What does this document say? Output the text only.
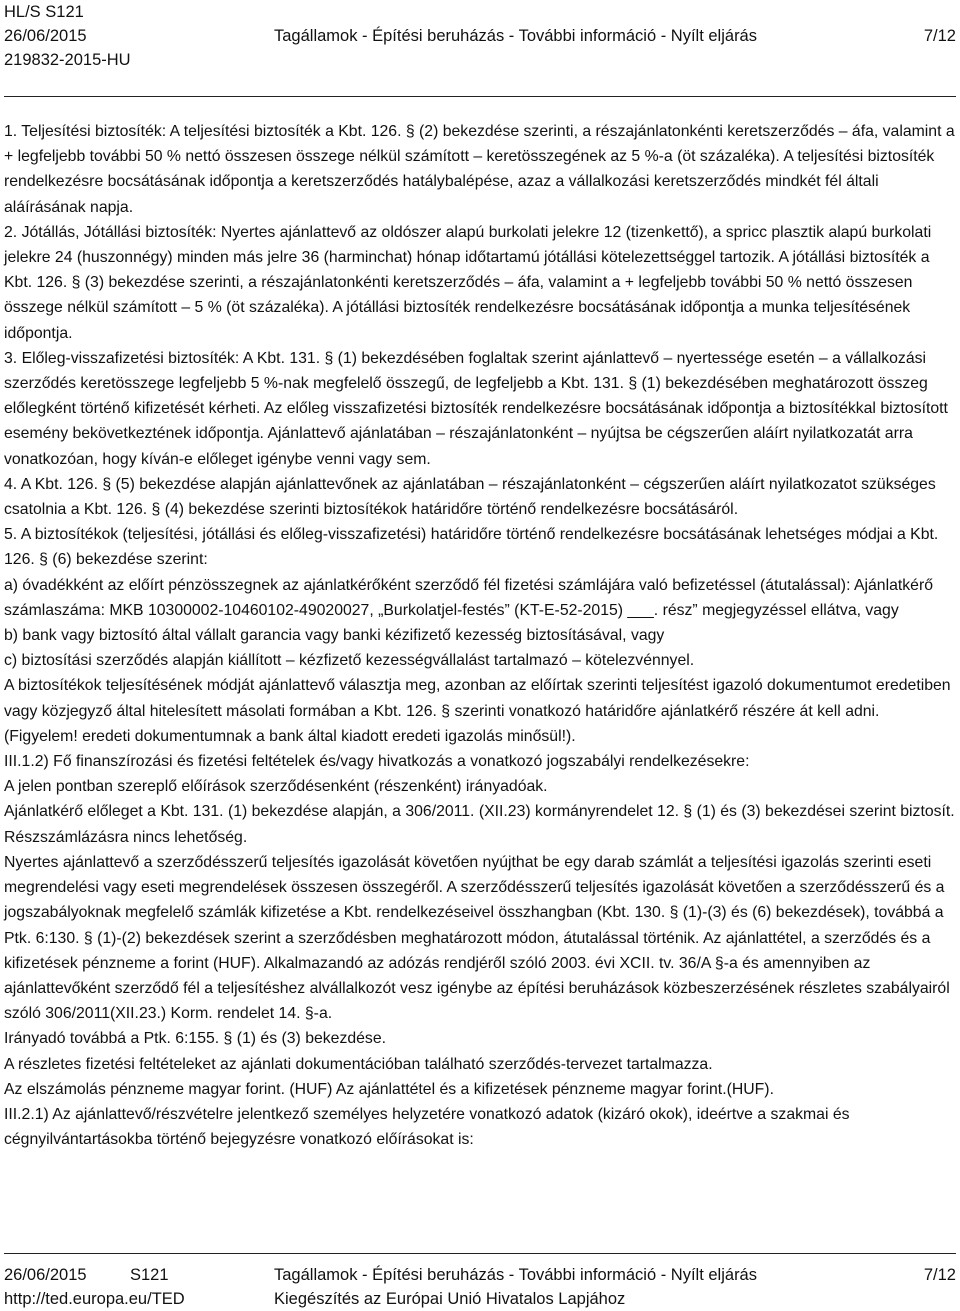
HL/S S121
26/06/2015	Tagállamok - Építési beruházás - További információ - Nyílt eljárás	7/12
219832-2015-HU

1. Teljesítési biztosíték: A teljesítési biztosíték a Kbt. 126. § (2) bekezdése szerinti, a részajánlatonkénti keretszerződés – áfa, valamint a + legfeljebb további 50 % nettó összesen összege nélkül számított – keretösszegének az 5 %-a (öt százaléka). A teljesítési biztosíték rendelkezésre bocsátásának időpontja a keretszerződés hatálybalépése, azaz a vállalkozási keretszerződés mindkét fél általi aláírásának napja.

2. Jótállás, Jótállási biztosíték: Nyertes ajánlattevő az oldószer alapú burkolati jelekre 12 (tizenkettő), a spricc plasztik alapú burkolati jelekre 24 (huszonnégy) minden más jelre 36 (harminchat) hónap időtartamú jótállási kötelezettséggel tartozik. A jótállási biztosíték a Kbt. 126. § (3) bekezdése szerinti, a részajánlatonkénti keretszerződés – áfa, valamint a + legfeljebb további 50 % nettó összesen összege nélkül számított – 5 % (öt százaléka). A jótállási biztosíték rendelkezésre bocsátásának időpontja a munka teljesítésének időpontja.

3. Előleg-visszafizetési biztosíték: A Kbt. 131. § (1) bekezdésében foglaltak szerint ajánlattevő – nyertessége esetén – a vállalkozási szerződés keretösszege legfeljebb 5 %-nak megfelelő összegű, de legfeljebb a Kbt. 131. § (1) bekezdésében meghatározott összeg előlegként történő kifizetését kérheti. Az előleg visszafizetési biztosíték rendelkezésre bocsátásának időpontja a biztosítékkal biztosított esemény bekövetkeztének időpontja. Ajánlattevő ajánlatában – részajánlatonként – nyújtsa be cégszerűen aláírt nyilatkozatát arra vonatkozóan, hogy kíván-e előleget igénybe venni vagy sem.

4. A Kbt. 126. § (5) bekezdése alapján ajánlattevőnek az ajánlatában – részajánlatonként – cégszerűen aláírt nyilatkozatot szükséges csatolnia a Kbt. 126. § (4) bekezdése szerinti biztosítékok határidőre történő rendelkezésre bocsátásáról.

5. A biztosítékok (teljesítési, jótállási és előleg-visszafizetési) határidőre történő rendelkezésre bocsátásának lehetséges módjai a Kbt. 126. § (6) bekezdése szerint:

a) óvadékként az előírt pénzösszegnek az ajánlatkérőként szerződő fél fizetési számlájára való befizetéssel (átutalással): Ajánlatkérő számlaszáma: MKB 10300002-10460102-49020027, „Burkolatjel-festés” (KT-E-52-2015) ___. rész” megjegyzéssel ellátva, vagy

b) bank vagy biztosító által vállalt garancia vagy banki kézifizető kezesség biztosításával, vagy

c) biztosítási szerződés alapján kiállított – kézfizető kezességvállalást tartalmazó – kötelezvénnyel.

A biztosítékok teljesítésének módját ajánlattevő választja meg, azonban az előírtak szerinti teljesítést igazoló dokumentumot eredetiben vagy közjegyző által hitelesített másolati formában a Kbt. 126. § szerinti vonatkozó határidőre ajánlatkérő részére át kell adni. (Figyelem! eredeti dokumentumnak a bank által kiadott eredeti igazolás minősül!).

III.1.2) Fő finanszírozási és fizetési feltételek és/vagy hivatkozás a vonatkozó jogszabályi rendelkezésekre:

A jelen pontban szereplő előírások szerződésenként (részenként) irányadóak.

Ajánlatkérő előleget a Kbt. 131. (1) bekezdése alapján, a 306/2011. (XII.23) kormányrendelet 12. § (1) és (3) bekezdései szerint biztosít. Részszámlázásra nincs lehetőség.

Nyertes ajánlattevő a szerződésszerű teljesítés igazolását követően nyújthat be egy darab számlát a teljesítési igazolás szerinti eseti megrendelési vagy eseti megrendelések összesen összegéről. A szerződésszerű teljesítés igazolását követően a szerződésszerű és a jogszabályoknak megfelelő számlák kifizetése a Kbt. rendelkezéseivel összhangban (Kbt. 130. § (1)-(3) és (6) bekezdések), továbbá a Ptk. 6:130. § (1)-(2) bekezdések szerint a szerződésben meghatározott módon, átutalással történik. Az ajánlattétel, a szerződés és a kifizetések pénzneme a forint (HUF). Alkalmazandó az adózás rendjéről szóló 2003. évi XCII. tv. 36/A §-a és amennyiben az ajánlattevőként szerződő fél a teljesítéshez alvállalkozót vesz igénybe az építési beruházások közbeszerzésének részletes szabályairól szóló 306/2011(XII.23.) Korm. rendelet 14. §-a.

Irányadó továbbá a Ptk. 6:155. § (1) és (3) bekezdése.

A részletes fizetési feltételeket az ajánlati dokumentációban található szerződés-tervezet tartalmazza.

Az elszámolás pénzneme magyar forint. (HUF) Az ajánlattétel és a kifizetések pénzneme magyar forint.(HUF).

III.2.1) Az ajánlattevő/részvételre jelentkező személyes helyzetére vonatkozó adatok (kizáró okok), ideértve a szakmai és cégnyilvántartásokba történő bejegyzésre vonatkozó előírásokat is:

26/06/2015	S121	Tagállamok - Építési beruházás - További információ - Nyílt eljárás	7/12
http://ted.europa.eu/TED	Kiegészítés az Európai Unió Hivatalos Lapjához
